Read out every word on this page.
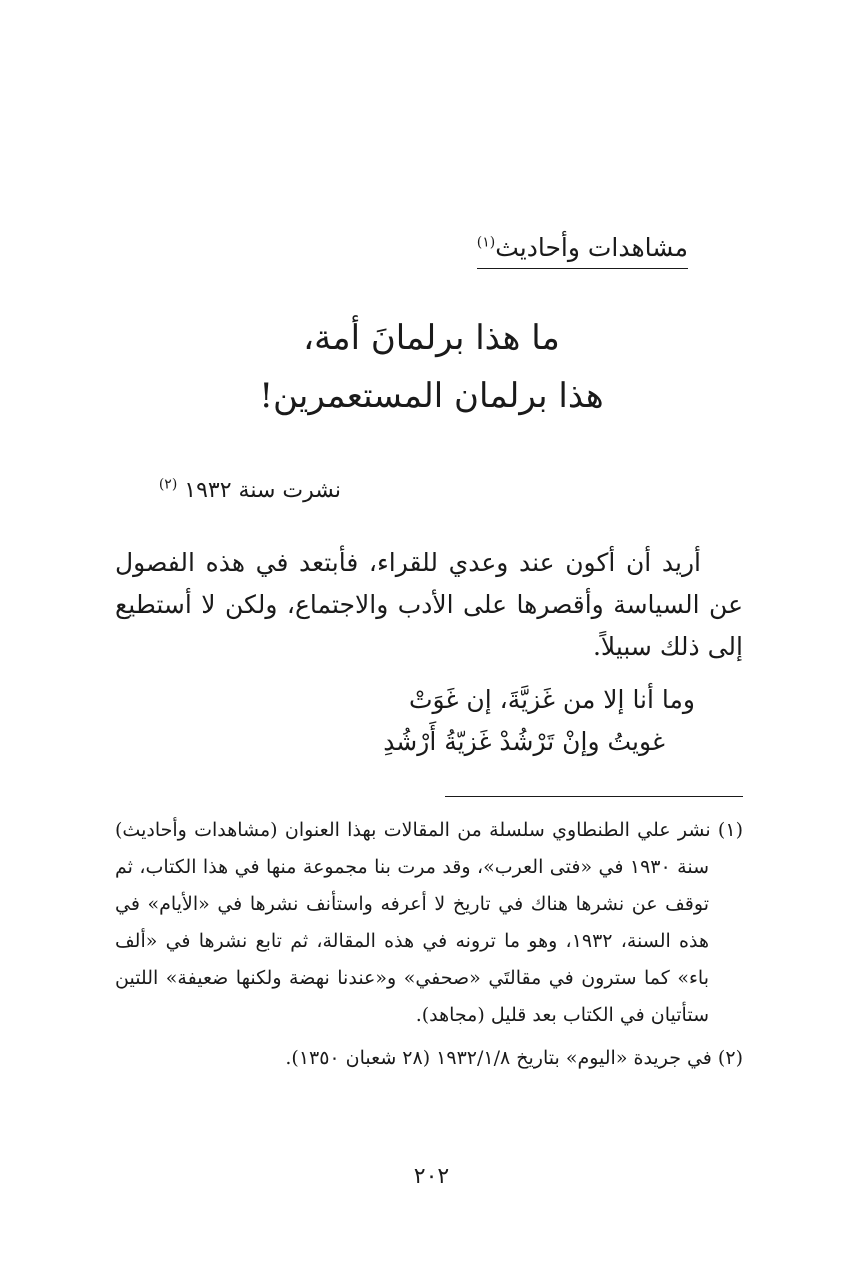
مشاهدات وأحاديث$^{(١)}$
ما هذا برلمانَ أمة،
هذا برلمان المستعمرين!
نشرت سنة ١٩٣٢ $^{(٢)}$

أريد أن أكون عند وعدي للقراء، فأبتعد في هذه الفصول عن السياسة وأقصرها على الأدب والاجتماع، ولكن لا أستطيع إلى ذلك سبيلاً.

وما أنا إلا من غَزيَّةَ، إن غَوَتْ
غويتُ وإنْ تَرْشُدْ غَزيّةُ أَرْشُدِ

(١) نشر علي الطنطاوي سلسلة من المقالات بهذا العنوان (مشاهدات وأحاديث) سنة ١٩٣٠ في «فتى العرب»، وقد مرت بنا مجموعة منها في هذا الكتاب، ثم توقف عن نشرها هناك في تاريخ لا أعرفه واستأنف نشرها في «الأيام» في هذه السنة، ١٩٣٢، وهو ما ترونه في هذه المقالة، ثم تابع نشرها في «ألف باء» كما سترون في مقالتَي «صحفي» و«عندنا نهضة ولكنها ضعيفة» اللتين ستأتيان في الكتاب بعد قليل (مجاهد).

(٢) في جريدة «اليوم» بتاريخ ١٩٣٢/١/٨ (٢٨ شعبان ١٣٥٠).

٢٠٢
